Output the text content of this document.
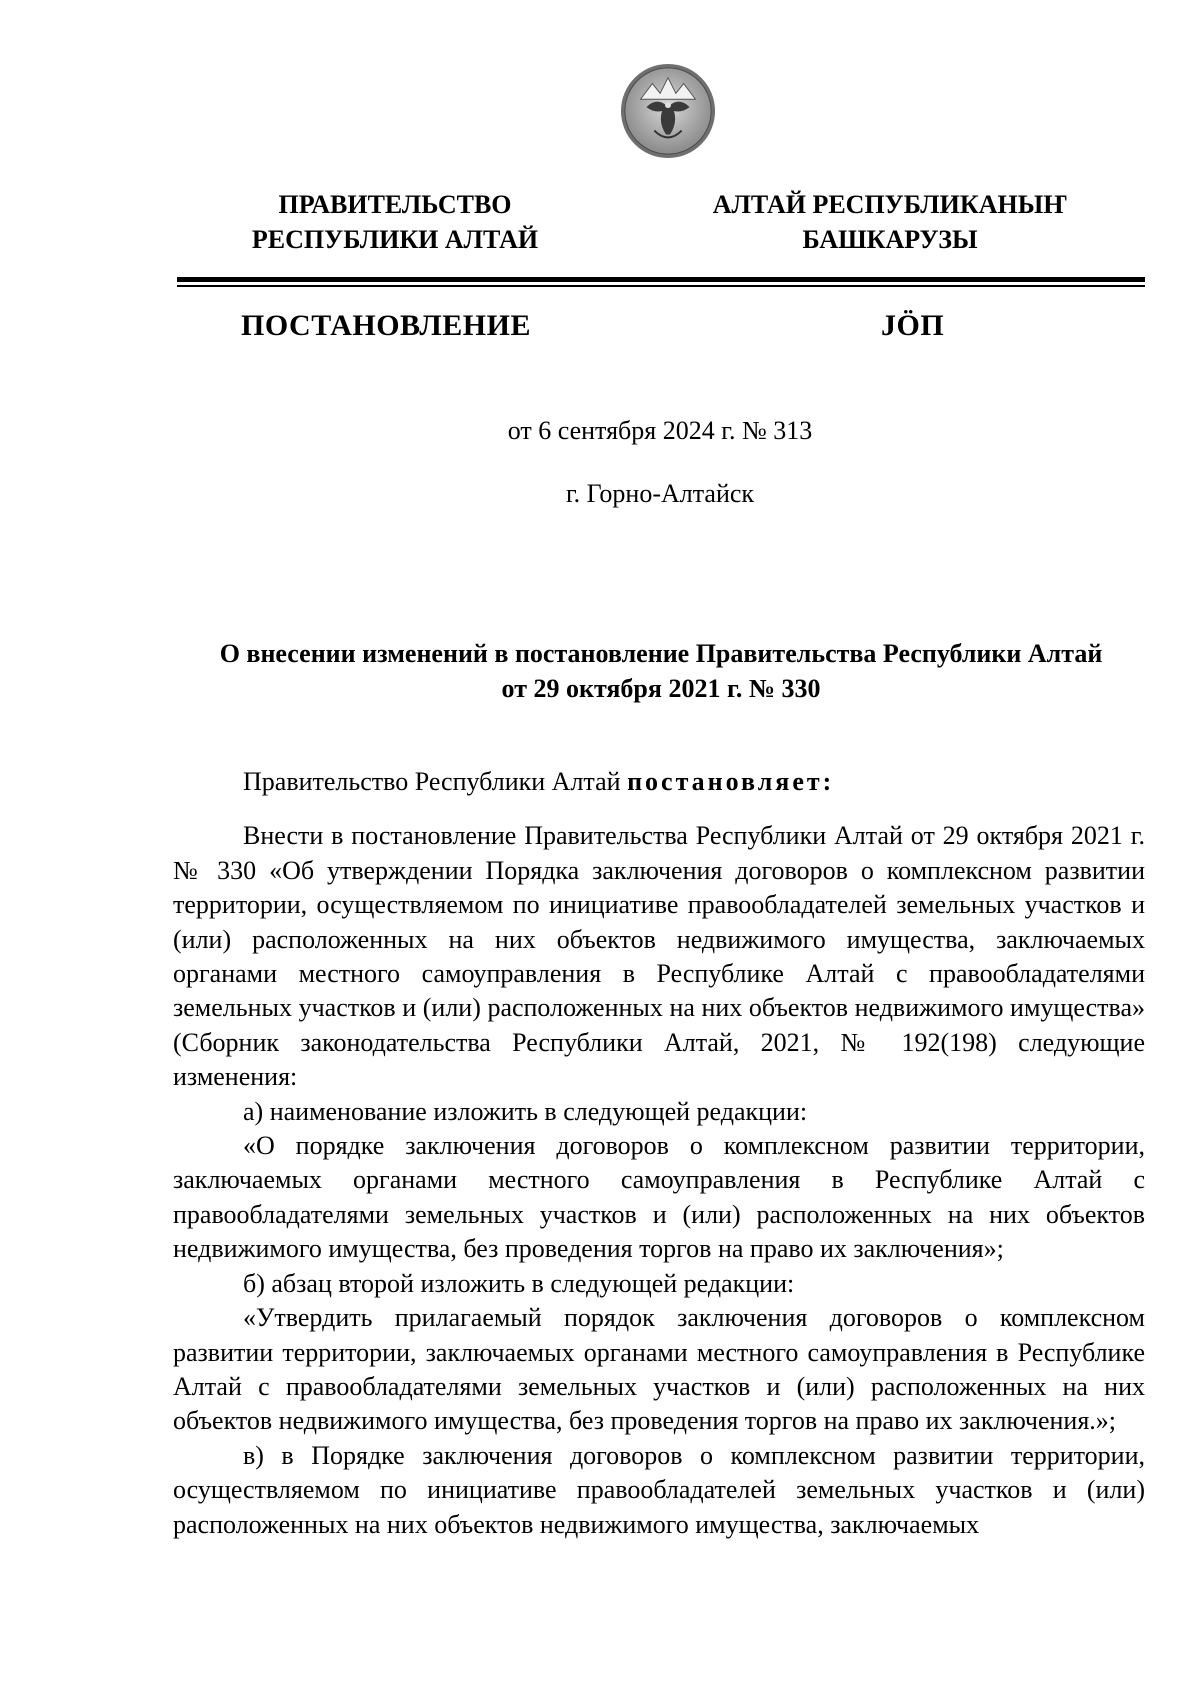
ПРАВИТЕЛЬСТВО
РЕСПУБЛИКИ АЛТАЙ
АЛТАЙ РЕСПУБЛИКАНЫҤ
БАШКАРУЗЫ
ПОСТАНОВЛЕНИЕ	JÖП
от 6 сентября 2024 г. № 313
г. Горно-Алтайск
О внесении изменений в постановление Правительства Республики Алтай
от 29 октября 2021 г. № 330

Правительство Республики Алтай постановляет:

Внести в постановление Правительства Республики Алтай от 29 октября 2021 г. № 330 «Об утверждении Порядка заключения договоров о комплексном развитии территории, осуществляемом по инициативе правообладателей земельных участков и (или) расположенных на них объектов недвижимого имущества, заключаемых органами местного самоуправления в Республике Алтай с правообладателями земельных участков и (или) расположенных на них объектов недвижимого имущества» (Сборник законодательства Республики Алтай, 2021, № 192(198) следующие изменения:

а) наименование изложить в следующей редакции:

«О порядке заключения договоров о комплексном развитии территории, заключаемых органами местного самоуправления в Республике Алтай с правообладателями земельных участков и (или) расположенных на них объектов недвижимого имущества, без проведения торгов на право их заключения»;

б) абзац второй изложить в следующей редакции:

«Утвердить прилагаемый порядок заключения договоров о комплексном развитии территории, заключаемых органами местного самоуправления в Республике Алтай с правообладателями земельных участков и (или) расположенных на них объектов недвижимого имущества, без проведения торгов на право их заключения.»;

в) в Порядке заключения договоров о комплексном развитии территории, осуществляемом по инициативе правообладателей земельных участков и (или) расположенных на них объектов недвижимого имущества, заключаемых
